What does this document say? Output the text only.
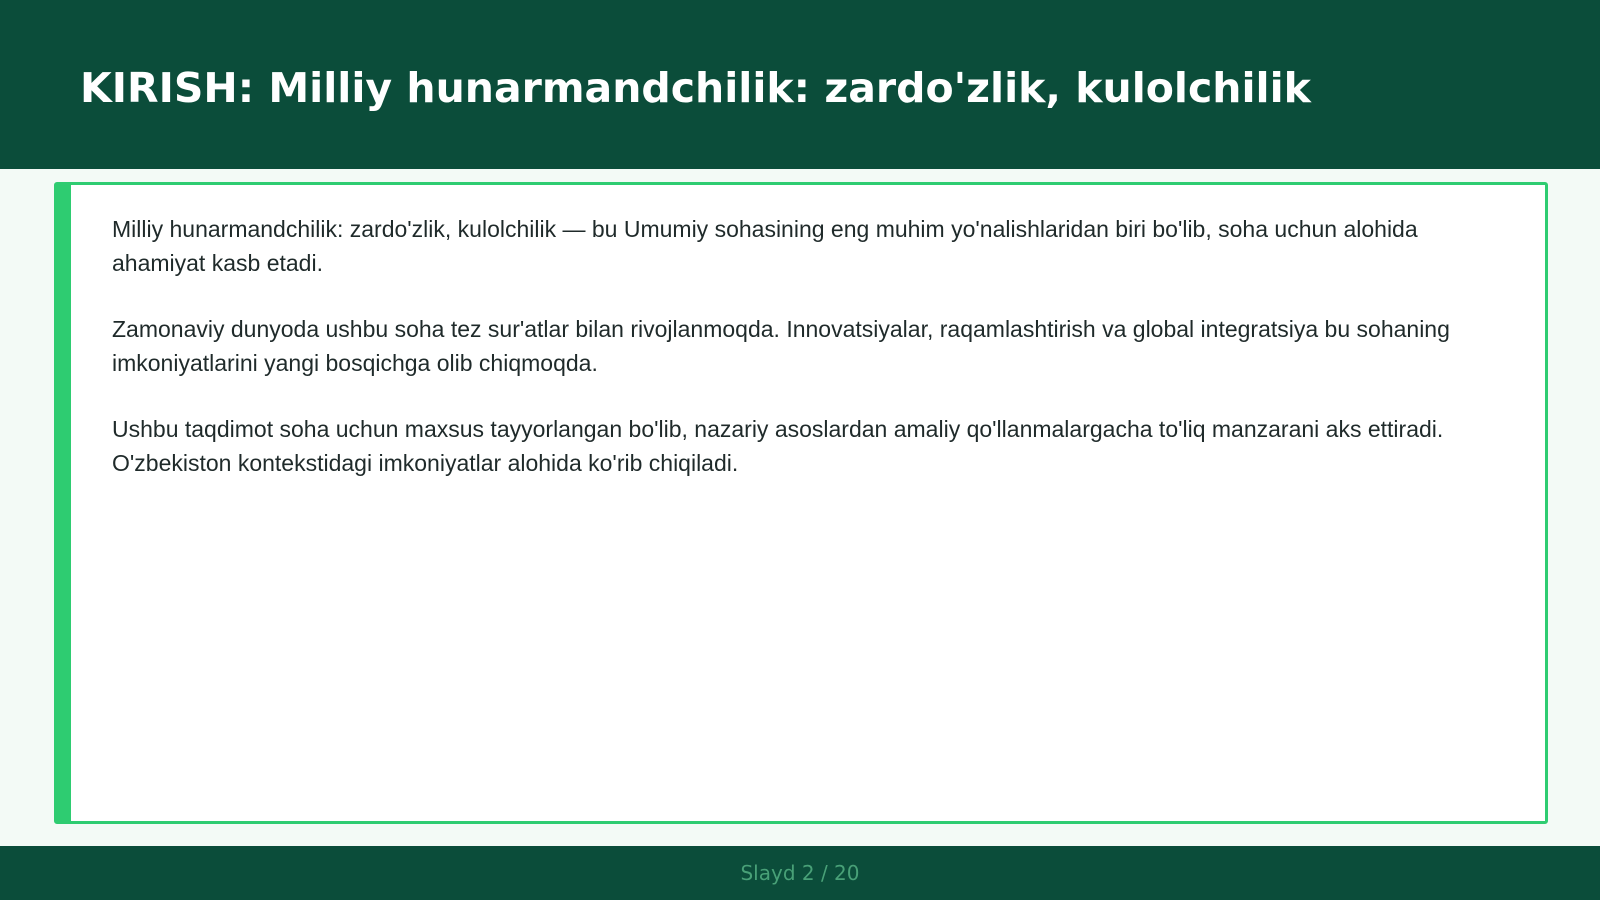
KIRISH: Milliy hunarmandchilik: zardo'zlik, kulolchilik

Milliy hunarmandchilik: zardo'zlik, kulolchilik — bu Umumiy sohasining eng muhim yo'nalishlaridan biri bo'lib, soha uchun alohida ahamiyat kasb etadi.

Zamonaviy dunyoda ushbu soha tez sur'atlar bilan rivojlanmoqda. Innovatsiyalar, raqamlashtirish va global integratsiya bu sohaning imkoniyatlarini yangi bosqichga olib chiqmoqda.

Ushbu taqdimot soha uchun maxsus tayyorlangan bo'lib, nazariy asoslardan amaliy qo'llanmalargacha to'liq manzarani aks ettiradi. O'zbekiston kontekstidagi imkoniyatlar alohida ko'rib chiqiladi.

Slayd 2 / 20
